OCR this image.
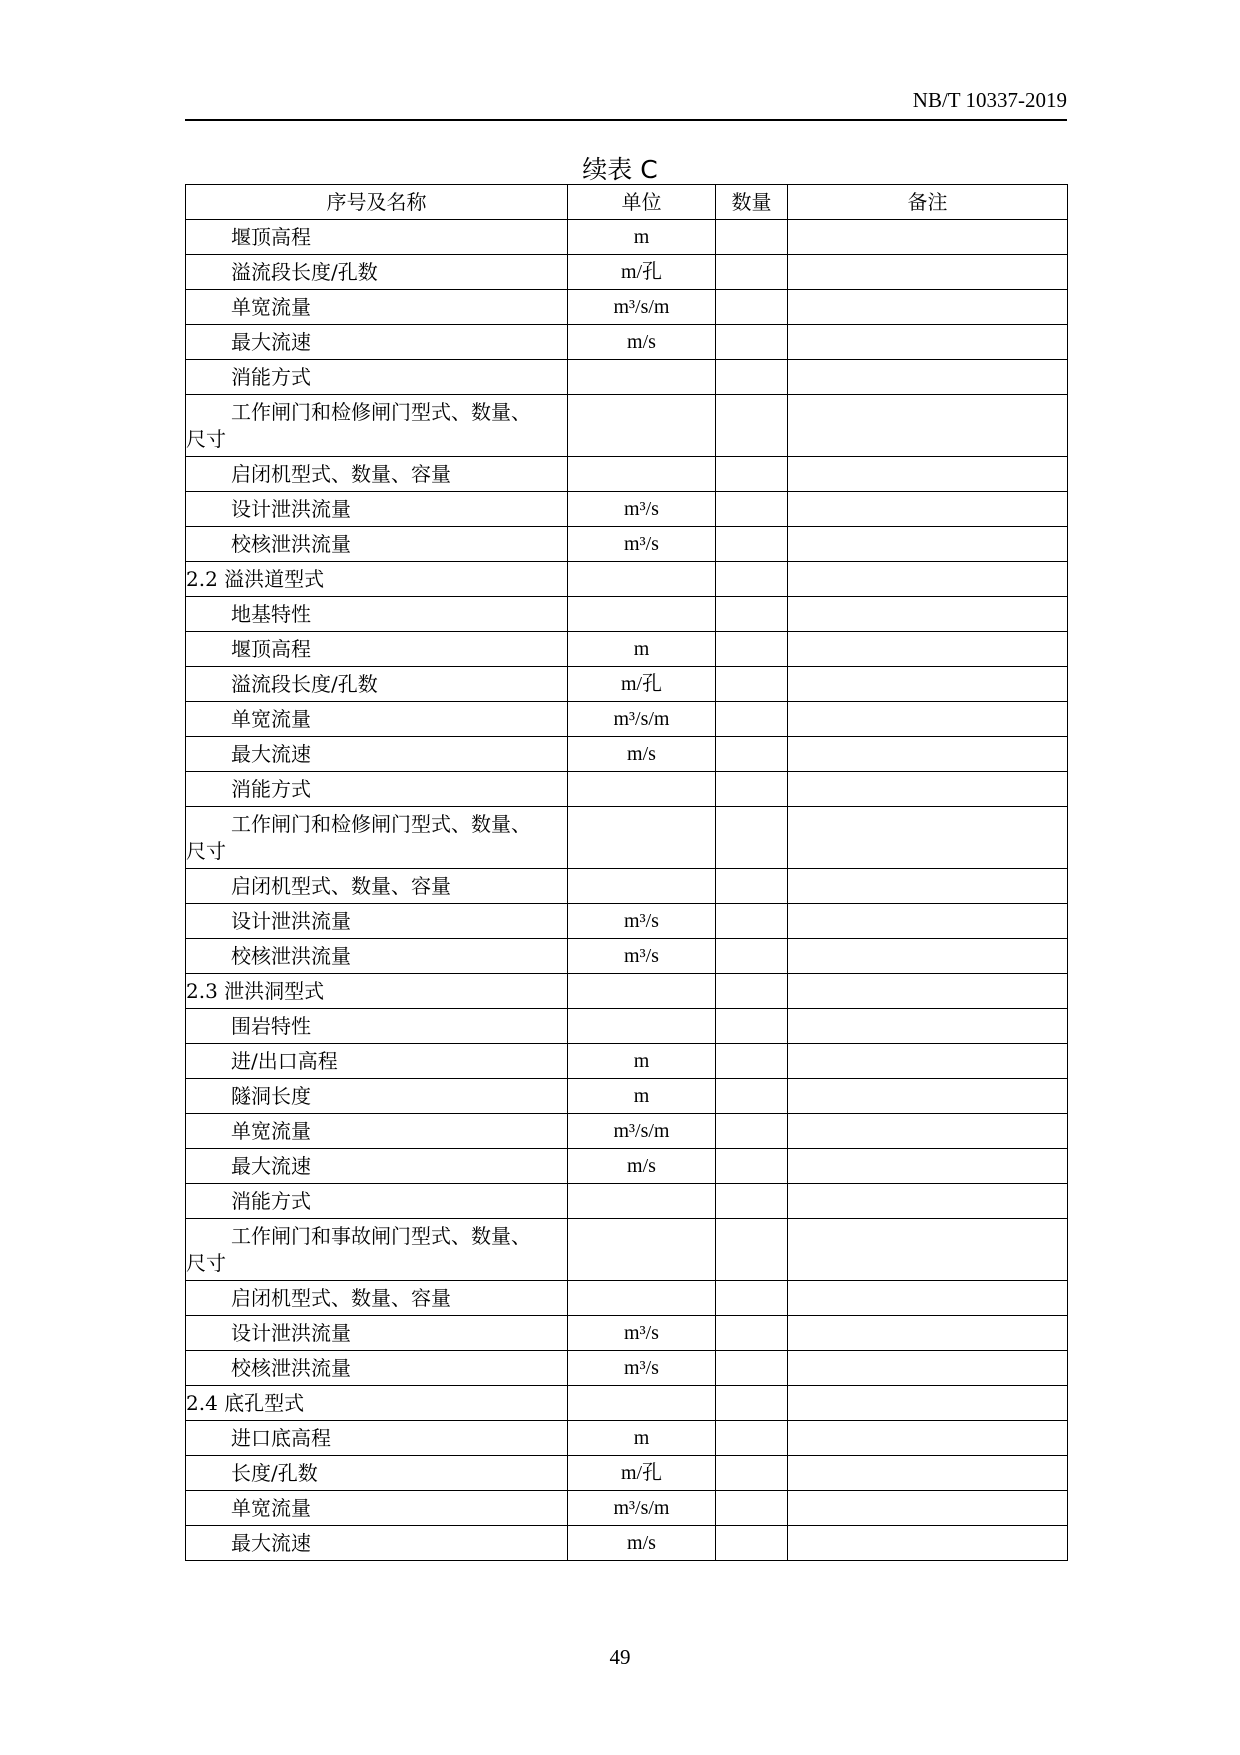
NB/T 10337-2019
续表 C
序号及名称	单位	数量	备注

堰顶高程	m		

溢流段长度/孔数	m/孔		

单宽流量	m³/s/m		

最大流速	m/s		

消能方式			

工作闸门和检修闸门型式、数量、
尺寸			

启闭机型式、数量、容量			

设计泄洪流量	m³/s		

校核泄洪流量	m³/s		

2.2 溢洪道型式			

地基特性			

堰顶高程	m		

溢流段长度/孔数	m/孔		

单宽流量	m³/s/m		

最大流速	m/s		

消能方式			

工作闸门和检修闸门型式、数量、
尺寸			

启闭机型式、数量、容量			

设计泄洪流量	m³/s		

校核泄洪流量	m³/s		

2.3 泄洪洞型式			

围岩特性			

进/出口高程	m		

隧洞长度	m		

单宽流量	m³/s/m		

最大流速	m/s		

消能方式			

工作闸门和事故闸门型式、数量、
尺寸			

启闭机型式、数量、容量			

设计泄洪流量	m³/s		

校核泄洪流量	m³/s		

2.4 底孔型式			

进口底高程	m		

长度/孔数	m/孔		

单宽流量	m³/s/m		

最大流速	m/s		
49
